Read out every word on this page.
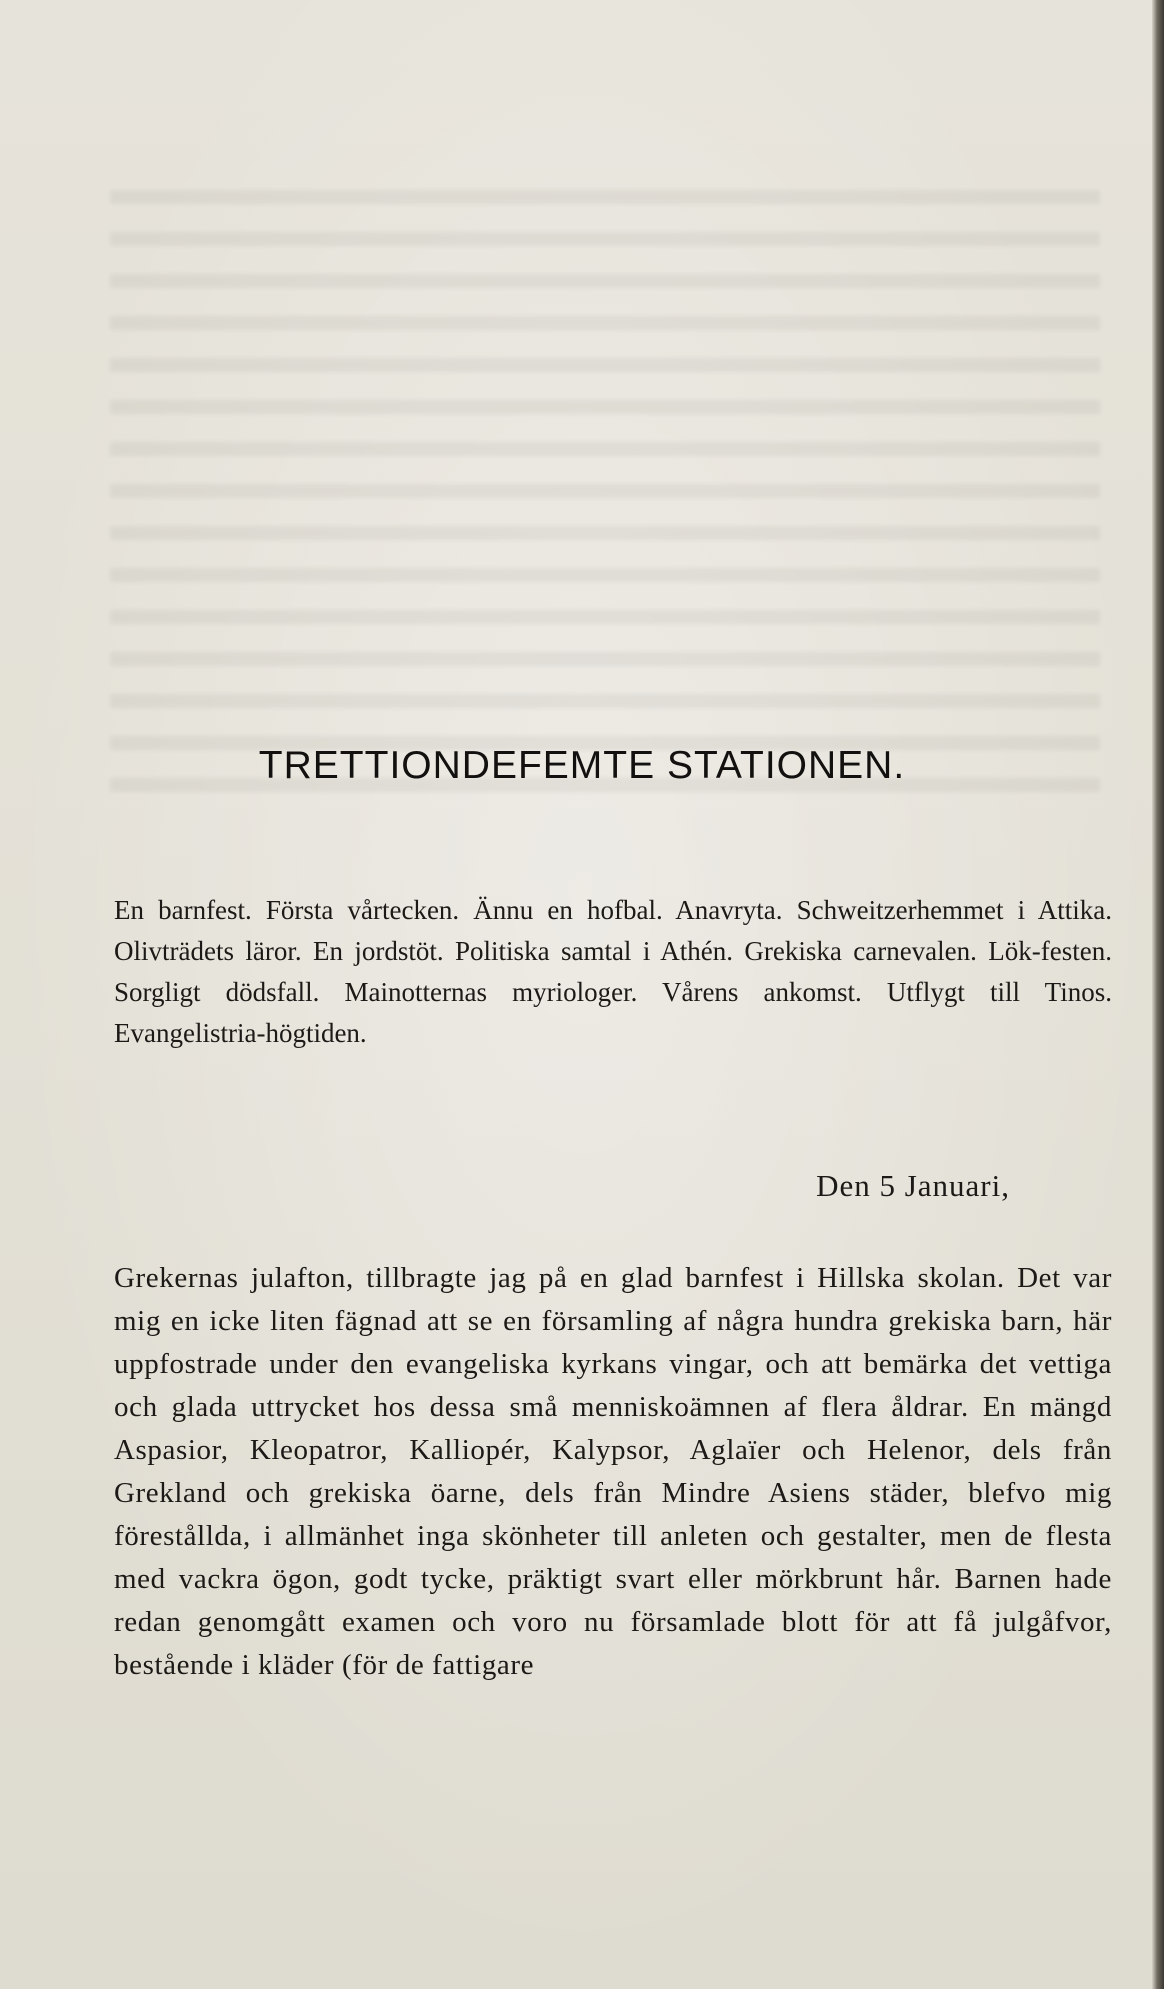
TRETTIONDEFEMTE STATIONEN.

En barnfest. Första vårtecken. Ännu en hofbal. Anavryta. Schweitzerhemmet i Attika. Olivträdets läror. En jordstöt. Politiska samtal i Athén. Grekiska carnevalen. Lök-festen. Sorgligt dödsfall. Mainotternas myriologer. Vårens ankomst. Utflygt till Tinos. Evangelistria-högtiden.

Den 5 Januari,

Grekernas julafton, tillbragte jag på en glad barnfest i Hillska skolan. Det var mig en icke liten fägnad att se en församling af några hundra grekiska barn, här uppfostrade under den evangeliska kyrkans vingar, och att bemärka det vettiga och glada uttrycket hos dessa små menniskoämnen af flera åldrar. En mängd Aspasior, Kleopatror, Kalliopér, Kalypsor, Aglaïer och Helenor, dels från Grekland och grekiska öarne, dels från Mindre Asiens städer, blefvo mig förestållda, i allmänhet inga skönheter till anleten och gestalter, men de flesta med vackra ögon, godt tycke, präktigt svart eller mörkbrunt hår. Barnen hade redan genomgått examen och voro nu församlade blott för att få julgåfvor, bestående i kläder (för de fattigare
